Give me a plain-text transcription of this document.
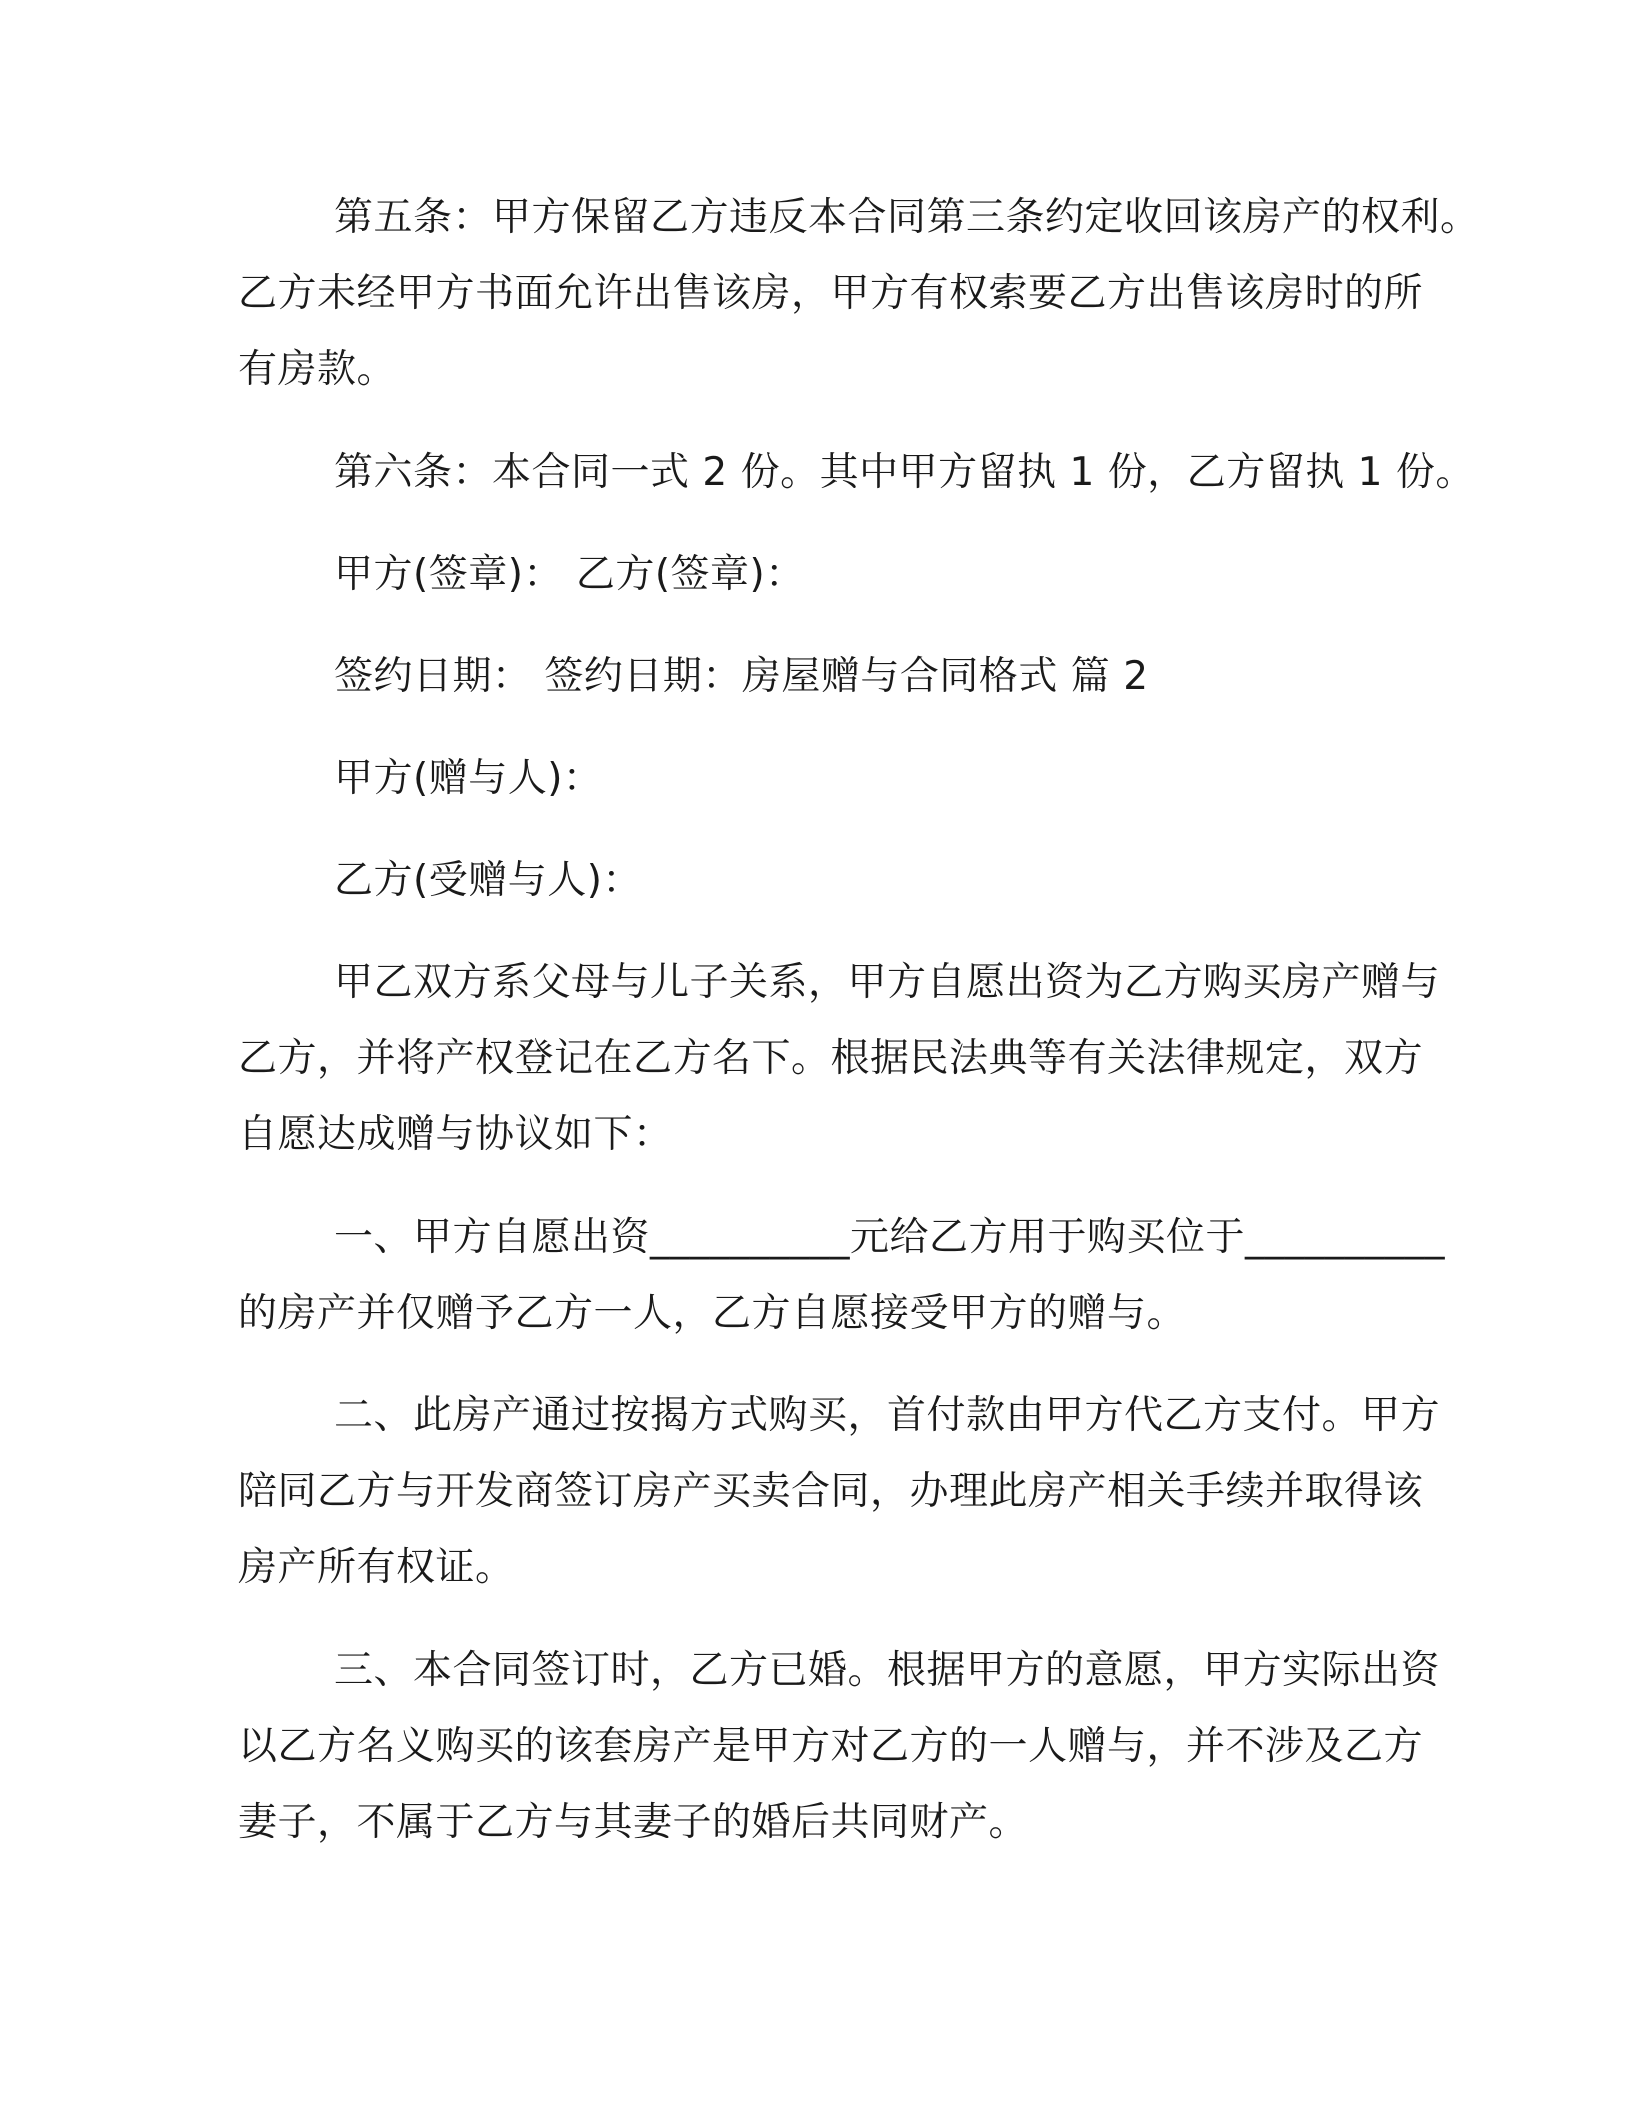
第五条：甲方保留乙方违反本合同第三条约定收回该房产的权利。
乙方未经甲方书面允许出售该房，甲方有权索要乙方出售该房时的所
有房款。

第六条：本合同一式 2 份。其中甲方留执 1 份，乙方留执 1 份。

甲方(签章)： 乙方(签章)：

签约日期： 签约日期：房屋赠与合同格式 篇 2

甲方(赠与人)：

乙方(受赠与人)：

甲乙双方系父母与儿子关系，甲方自愿出资为乙方购买房产赠与
乙方，并将产权登记在乙方名下。根据民法典等有关法律规定，双方
自愿达成赠与协议如下：

一、甲方自愿出资__________元给乙方用于购买位于__________
的房产并仅赠予乙方一人，乙方自愿接受甲方的赠与。

二、此房产通过按揭方式购买，首付款由甲方代乙方支付。甲方
陪同乙方与开发商签订房产买卖合同，办理此房产相关手续并取得该
房产所有权证。

三、本合同签订时，乙方已婚。根据甲方的意愿，甲方实际出资
以乙方名义购买的该套房产是甲方对乙方的一人赠与，并不涉及乙方
妻子，不属于乙方与其妻子的婚后共同财产。
